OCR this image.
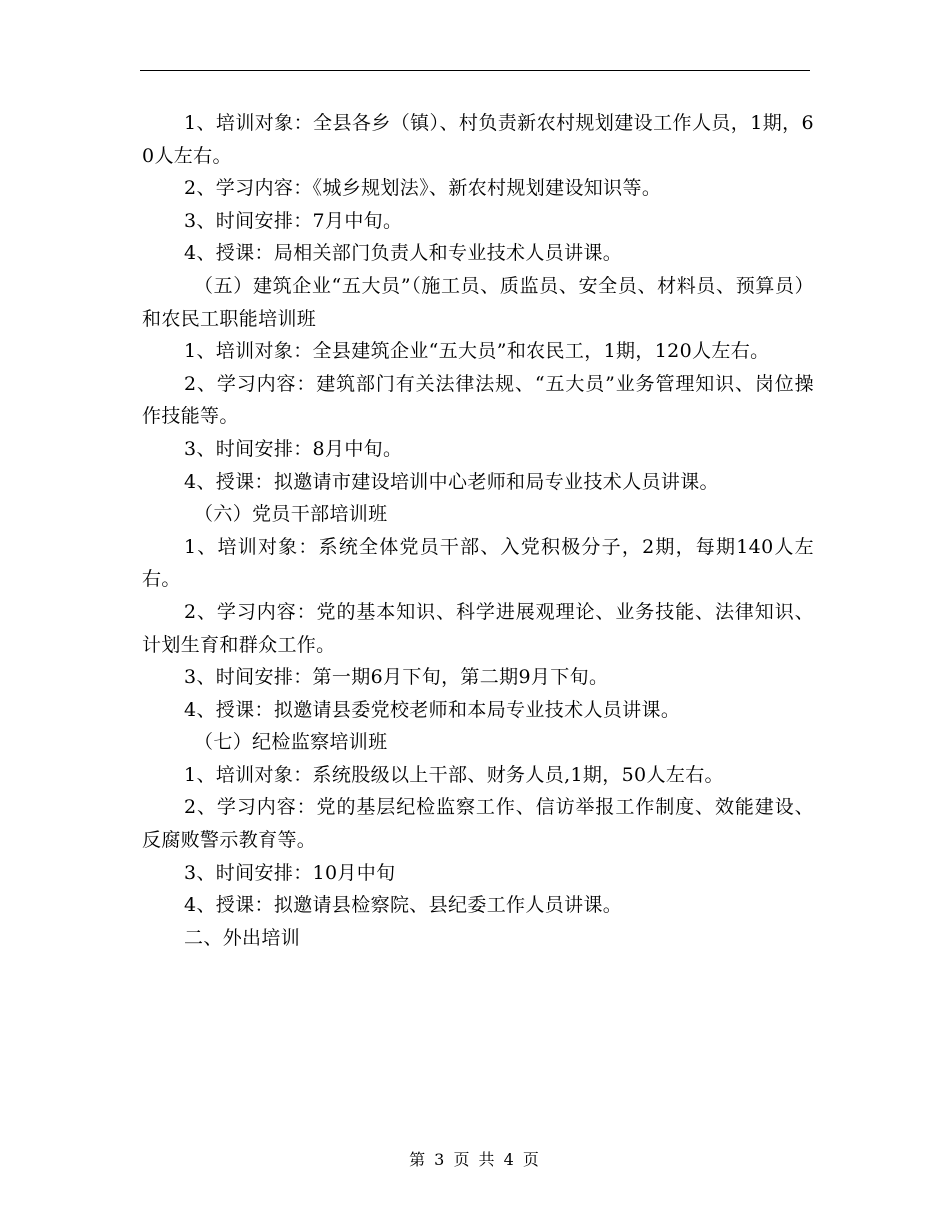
1、培训对象：全县各乡（镇）、村负责新农村规划建设工作人员，1期，60人左右。

2、学习内容：《城乡规划法》、新农村规划建设知识等。

3、时间安排：7月中旬。

4、授课：局相关部门负责人和专业技术人员讲课。

（五）建筑企业“五大员”（施工员、质监员、安全员、材料员、预算员）和农民工职能培训班

1、培训对象：全县建筑企业“五大员”和农民工，1期，120人左右。

2、学习内容：建筑部门有关法律法规、“五大员”业务管理知识、岗位操作技能等。

3、时间安排：8月中旬。

4、授课：拟邀请市建设培训中心老师和局专业技术人员讲课。

（六）党员干部培训班

1、培训对象：系统全体党员干部、入党积极分子，2期，每期140人左右。

2、学习内容：党的基本知识、科学进展观理论、业务技能、法律知识、计划生育和群众工作。

3、时间安排：第一期6月下旬，第二期9月下旬。

4、授课：拟邀请县委党校老师和本局专业技术人员讲课。

（七）纪检监察培训班

1、培训对象：系统股级以上干部、财务人员,1期，50人左右。

2、学习内容：党的基层纪检监察工作、信访举报工作制度、效能建设、反腐败警示教育等。

3、时间安排：10月中旬

4、授课：拟邀请县检察院、县纪委工作人员讲课。

二、外出培训

第 3 页 共 4 页
